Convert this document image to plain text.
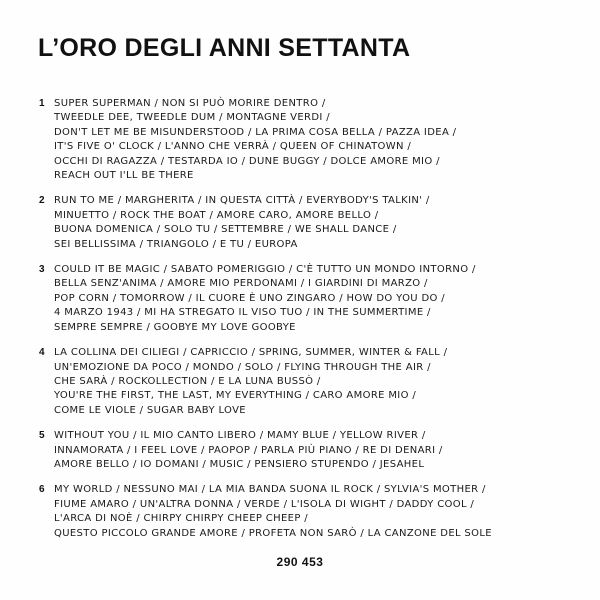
L’ORO DEGLI ANNI SETTANTA
1 SUPER SUPERMAN / NON SI PUÒ MORIRE DENTRO /
TWEEDLE DEE, TWEEDLE DUM / MONTAGNE VERDI /
DON'T LET ME BE MISUNDERSTOOD / LA PRIMA COSA BELLA / PAZZA IDEA /
IT'S FIVE O' CLOCK / L'ANNO CHE VERRÀ / QUEEN OF CHINATOWN /
OCCHI DI RAGAZZA / TESTARDA IO / DUNE BUGGY / DOLCE AMORE MIO /
REACH OUT I'LL BE THERE
2 RUN TO ME / MARGHERITA / IN QUESTA CITTÀ / EVERYBODY'S TALKIN' /
MINUETTO / ROCK THE BOAT / AMORE CARO, AMORE BELLO /
BUONA DOMENICA / SOLO TU / SETTEMBRE / WE SHALL DANCE /
SEI BELLISSIMA / TRIANGOLO / E TU / EUROPA
3 COULD IT BE MAGIC / SABATO POMERIGGIO / C'È TUTTO UN MONDO INTORNO /
BELLA SENZ'ANIMA / AMORE MIO PERDONAMI / I GIARDINI DI MARZO /
POP CORN / TOMORROW / IL CUORE È UNO ZINGARO / HOW DO YOU DO /
4 MARZO 1943 / MI HA STREGATO IL VISO TUO / IN THE SUMMERTIME /
SEMPRE SEMPRE / GOOBYE MY LOVE GOOBYE
4 LA COLLINA DEI CILIEGI / CAPRICCIO / SPRING, SUMMER, WINTER & FALL /
UN'EMOZIONE DA POCO / MONDO / SOLO / FLYING THROUGH THE AIR /
CHE SARÀ / ROCKOLLECTION / E LA LUNA BUSSÒ /
YOU'RE THE FIRST, THE LAST, MY EVERYTHING / CARO AMORE MIO /
COME LE VIOLE / SUGAR BABY LOVE
5 WITHOUT YOU / IL MIO CANTO LIBERO / MAMY BLUE / YELLOW RIVER /
INNAMORATA / I FEEL LOVE / PAOPOP / PARLA PIÙ PIANO / RE DI DENARI /
AMORE BELLO / IO DOMANI / MUSIC / PENSIERO STUPENDO / JESAHEL
6 MY WORLD / NESSUNO MAI / LA MIA BANDA SUONA IL ROCK / SYLVIA'S MOTHER /
FIUME AMARO / UN'ALTRA DONNA / VERDE / L'ISOLA DI WIGHT / DADDY COOL /
L'ARCA DI NOÈ / CHIRPY CHIRPY CHEEP CHEEP /
QUESTO PICCOLO GRANDE AMORE / PROFETA NON SARÒ / LA CANZONE DEL SOLE
290 453
